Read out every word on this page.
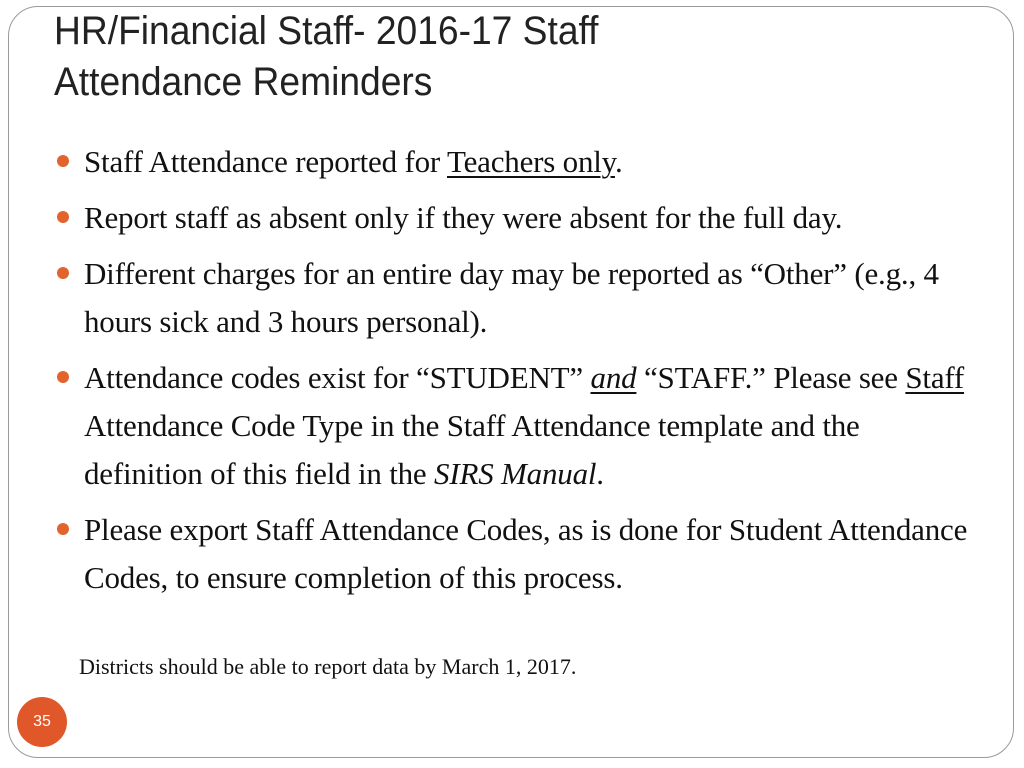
HR/Financial Staff- 2016-17 Staff
Attendance Reminders
Staff Attendance reported for Teachers only.
Report staff as absent only if they were absent for the full day.
Different charges for an entire day may be reported as “Other” (e.g., 4 hours sick and 3 hours personal).
Attendance codes exist for “STUDENT” and “STAFF.” Please see Staff Attendance Code Type in the Staff Attendance template and the definition of this field in the SIRS Manual.
Please export Staff Attendance Codes, as is done for Student Attendance Codes, to ensure completion of this process.

Districts should be able to report data by March 1, 2017.

35
